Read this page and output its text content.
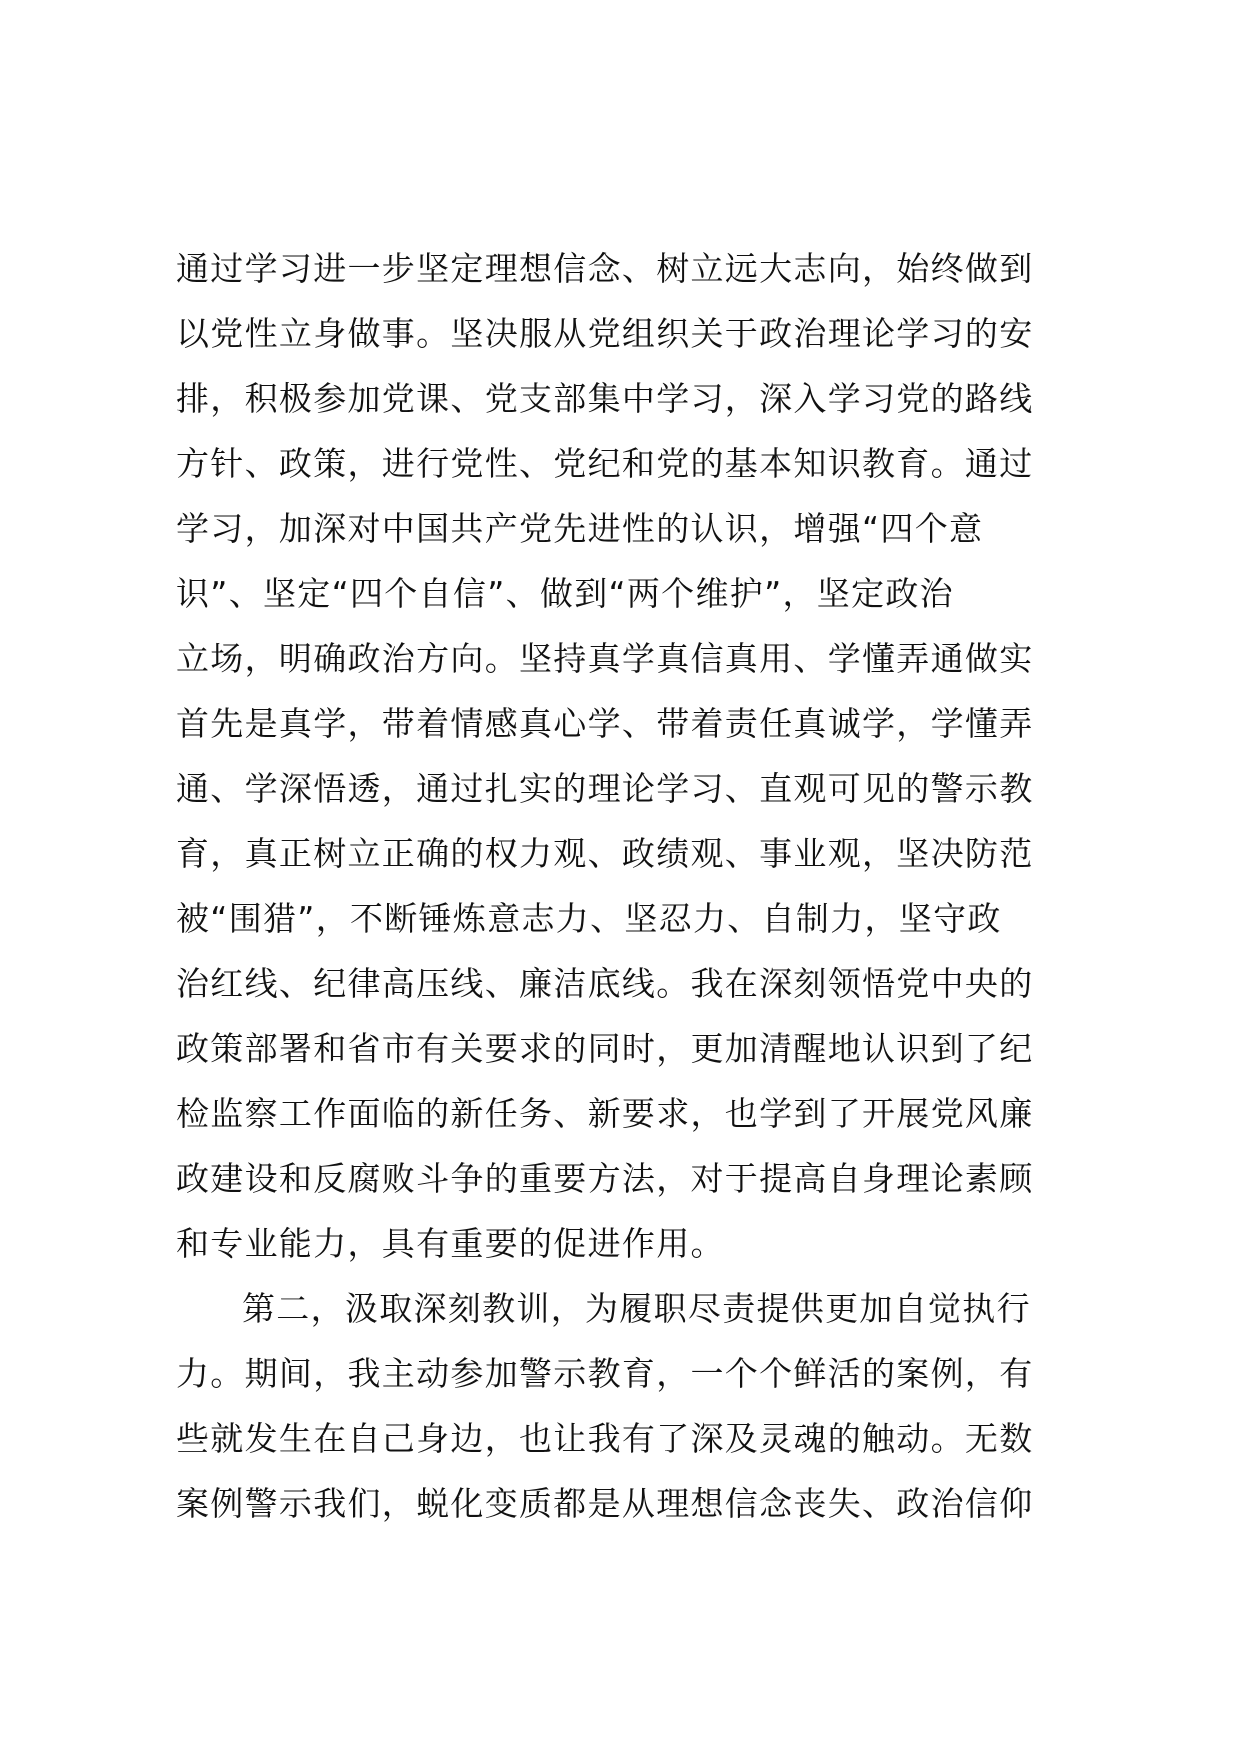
通过学习进一步坚定理想信念、树立远大志向，始终做到
以党性立身做事。坚决服从党组织关于政治理论学习的安
排，积极参加党课、党支部集中学习，深入学习党的路线
方针、政策，进行党性、党纪和党的基本知识教育。通过
学习，加深对中国共产党先进性的认识，增强“四个意
识”、坚定“四个自信”、做到“两个维护”，坚定政治
立场，明确政治方向。坚持真学真信真用、学懂弄通做实
首先是真学，带着情感真心学、带着责任真诚学，学懂弄
通、学深悟透，通过扎实的理论学习、直观可见的警示教
育，真正树立正确的权力观、政绩观、事业观，坚决防范
被“围猎”，不断锤炼意志力、坚忍力、自制力，坚守政
治红线、纪律高压线、廉洁底线。我在深刻领悟党中央的
政策部署和省市有关要求的同时，更加清醒地认识到了纪
检监察工作面临的新任务、新要求，也学到了开展党风廉
政建设和反腐败斗争的重要方法，对于提高自身理论素顾
和专业能力，具有重要的促进作用。
第二，汲取深刻教训，为履职尽责提供更加自觉执行
力。期间，我主动参加警示教育，一个个鲜活的案例，有
些就发生在自己身边，也让我有了深及灵魂的触动。无数
案例警示我们，蜕化变质都是从理想信念丧失、政治信仰
